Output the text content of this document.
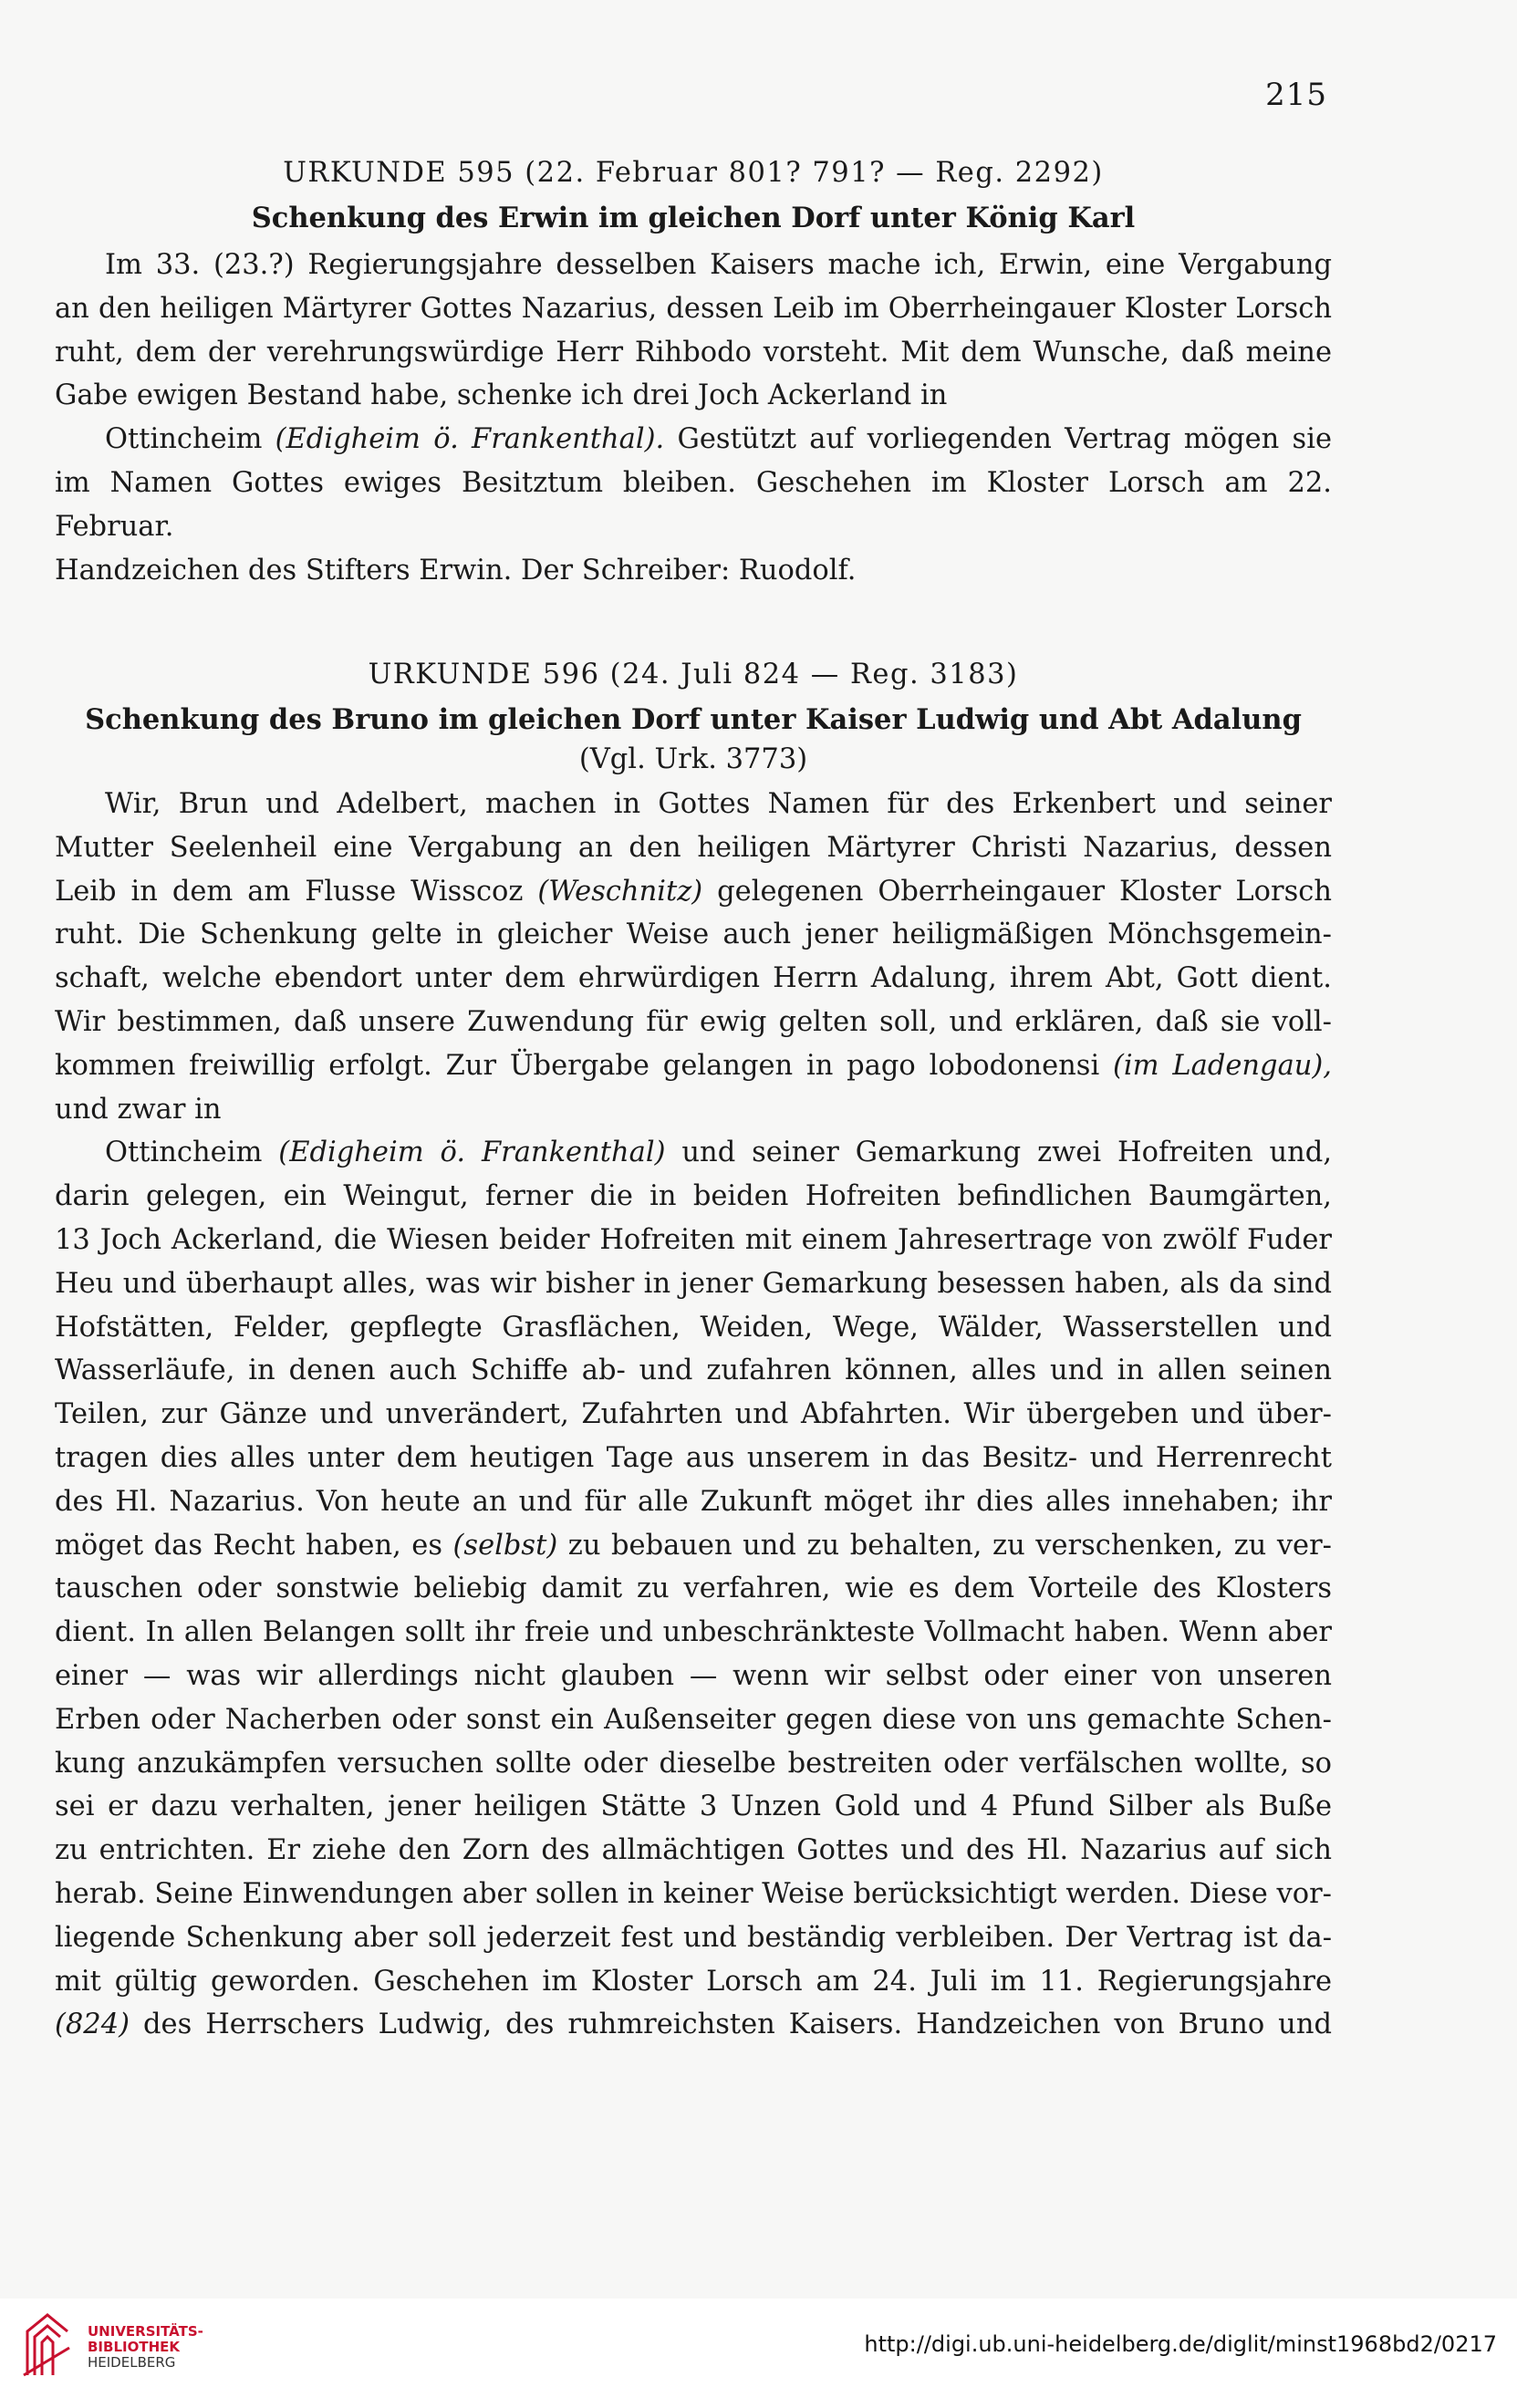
215

URKUNDE 595 (22. Februar 801? 791? — Reg. 2292)

Schenkung des Erwin im gleichen Dorf unter König Karl

Im 33. (23.?) Regierungsjahre desselben Kaisers mache ich, Erwin, eine Vergabung

an den heiligen Märtyrer Gottes Nazarius, dessen Leib im Oberrheingauer Kloster Lorsch

ruht, dem der verehrungswürdige Herr Rihbodo vorsteht. Mit dem Wunsche, daß meine

Gabe ewigen Bestand habe, schenke ich drei Joch Ackerland in

Ottincheim (Edigheim ö. Frankenthal). Gestützt auf vorliegenden Vertrag mögen sie

im Namen Gottes ewiges Besitztum bleiben. Geschehen im Kloster Lorsch am 22. Februar.

Handzeichen des Stifters Erwin. Der Schreiber: Ruodolf.

URKUNDE 596 (24. Juli 824 — Reg. 3183)

Schenkung des Bruno im gleichen Dorf unter Kaiser Ludwig und Abt Adalung

(Vgl. Urk. 3773)

Wir, Brun und Adelbert, machen in Gottes Namen für des Erkenbert und seiner

Mutter Seelenheil eine Vergabung an den heiligen Märtyrer Christi Nazarius, dessen

Leib in dem am Flusse Wisscoz (Weschnitz) gelegenen Oberrheingauer Kloster Lorsch

ruht. Die Schenkung gelte in gleicher Weise auch jener heiligmäßigen Mönchsgemein-

schaft, welche ebendort unter dem ehrwürdigen Herrn Adalung, ihrem Abt, Gott dient.

Wir bestimmen, daß unsere Zuwendung für ewig gelten soll, und erklären, daß sie voll-

kommen freiwillig erfolgt. Zur Übergabe gelangen in pago lobodonensi (im Ladengau),

und zwar in

Ottincheim (Edigheim ö. Frankenthal) und seiner Gemarkung zwei Hofreiten und,

darin gelegen, ein Weingut, ferner die in beiden Hofreiten befindlichen Baumgärten,

13 Joch Ackerland, die Wiesen beider Hofreiten mit einem Jahresertrage von zwölf Fuder

Heu und überhaupt alles, was wir bisher in jener Gemarkung besessen haben, als da sind

Hofstätten, Felder, gepflegte Grasflächen, Weiden, Wege, Wälder, Wasserstellen und

Wasserläufe, in denen auch Schiffe ab- und zufahren können, alles und in allen seinen

Teilen, zur Gänze und unverändert, Zufahrten und Abfahrten. Wir übergeben und über-

tragen dies alles unter dem heutigen Tage aus unserem in das Besitz- und Herrenrecht

des Hl. Nazarius. Von heute an und für alle Zukunft möget ihr dies alles innehaben; ihr

möget das Recht haben, es (selbst) zu bebauen und zu behalten, zu verschenken, zu ver-

tauschen oder sonstwie beliebig damit zu verfahren, wie es dem Vorteile des Klosters

dient. In allen Belangen sollt ihr freie und unbeschränkteste Vollmacht haben. Wenn aber

einer — was wir allerdings nicht glauben — wenn wir selbst oder einer von unseren

Erben oder Nacherben oder sonst ein Außenseiter gegen diese von uns gemachte Schen-

kung anzukämpfen versuchen sollte oder dieselbe bestreiten oder verfälschen wollte, so

sei er dazu verhalten, jener heiligen Stätte 3 Unzen Gold und 4 Pfund Silber als Buße

zu entrichten. Er ziehe den Zorn des allmächtigen Gottes und des Hl. Nazarius auf sich

herab. Seine Einwendungen aber sollen in keiner Weise berücksichtigt werden. Diese vor-

liegende Schenkung aber soll jederzeit fest und beständig verbleiben. Der Vertrag ist da-

mit gültig geworden. Geschehen im Kloster Lorsch am 24. Juli im 11. Regierungsjahre

(824) des Herrschers Ludwig, des ruhmreichsten Kaisers. Handzeichen von Bruno und

UNIVERSITÄTS-
BIBLIOTHEK
HEIDELBERG
http://digi.ub.uni-heidelberg.de/diglit/minst1968bd2/0217
